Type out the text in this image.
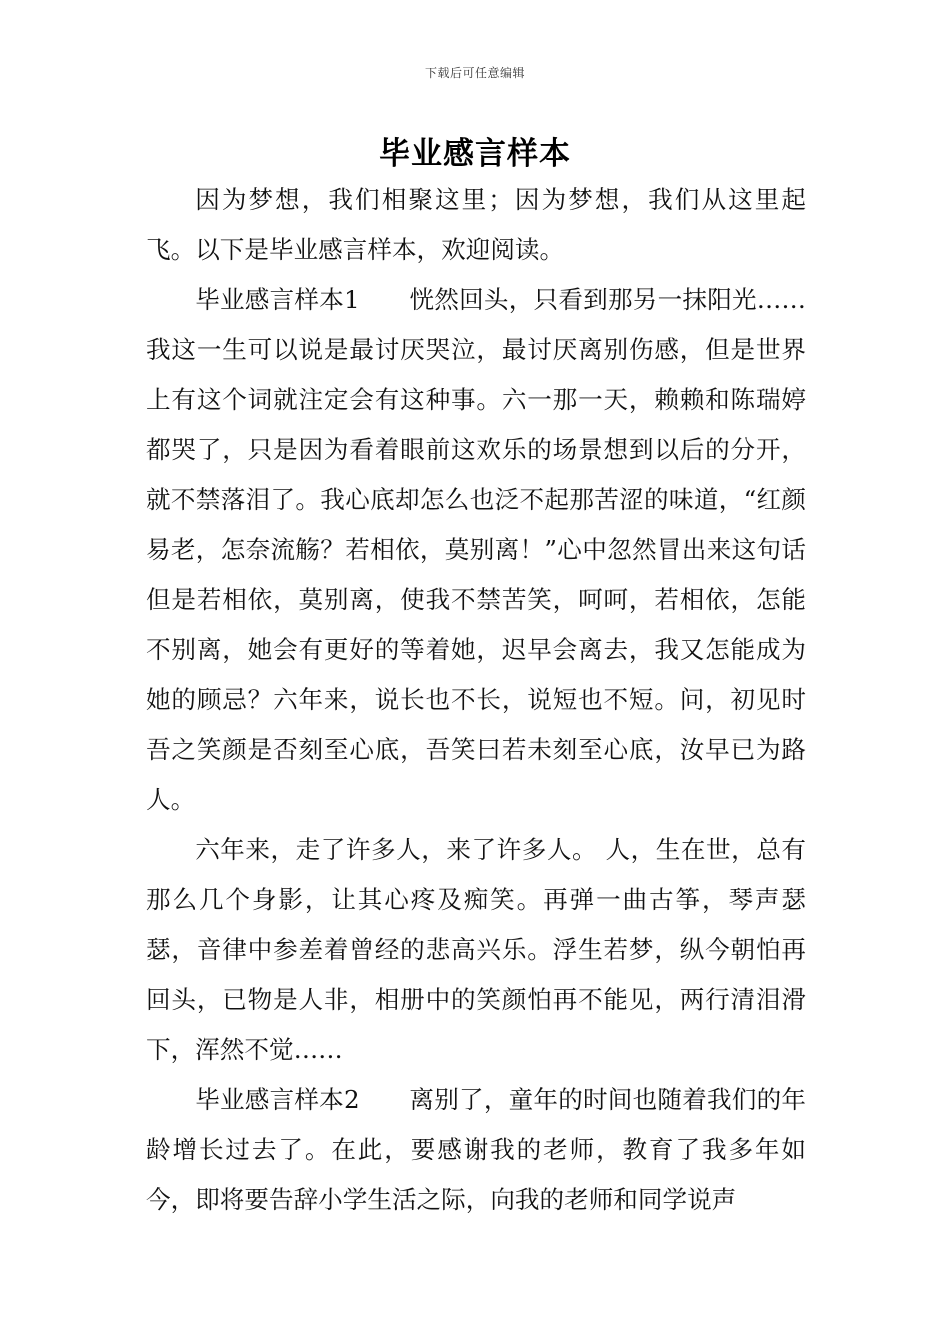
下载后可任意编辑
毕业感言样本

因为梦想，我们相聚这里；因为梦想，我们从这里起飞。以下是毕业感言样本，欢迎阅读。

毕业感言样本1　　恍然回头，只看到那另一抹阳光…… 我这一生可以说是最讨厌哭泣，最讨厌离别伤感，但是世界上有这个词就注定会有这种事。六一那一天，赖赖和陈瑞婷都哭了，只是因为看着眼前这欢乐的场景想到以后的分开，就不禁落泪了。我心底却怎么也泛不起那苦涩的味道，“红颜易老，怎奈流觞？若相依，莫别离！”心中忽然冒出来这句话但是若相依，莫别离，使我不禁苦笑，呵呵，若相依，怎能不别离，她会有更好的等着她，迟早会离去，我又怎能成为她的顾忌？六年来，说长也不长，说短也不短。问，初见时吾之笑颜是否刻至心底，吾笑曰若未刻至心底，汝早已为路人。

六年来，走了许多人，来了许多人。 人，生在世，总有那么几个身影，让其心疼及痴笑。再弹一曲古筝，琴声瑟瑟，音律中参差着曾经的悲高兴乐。浮生若梦，纵今朝怕再回头，已物是人非，相册中的笑颜怕再不能见，两行清泪滑下，浑然不觉……

毕业感言样本2　　离别了，童年的时间也随着我们的年龄增长过去了。在此，要感谢我的老师，教育了我多年如今，即将要告辞小学生活之际，向我的老师和同学说声
